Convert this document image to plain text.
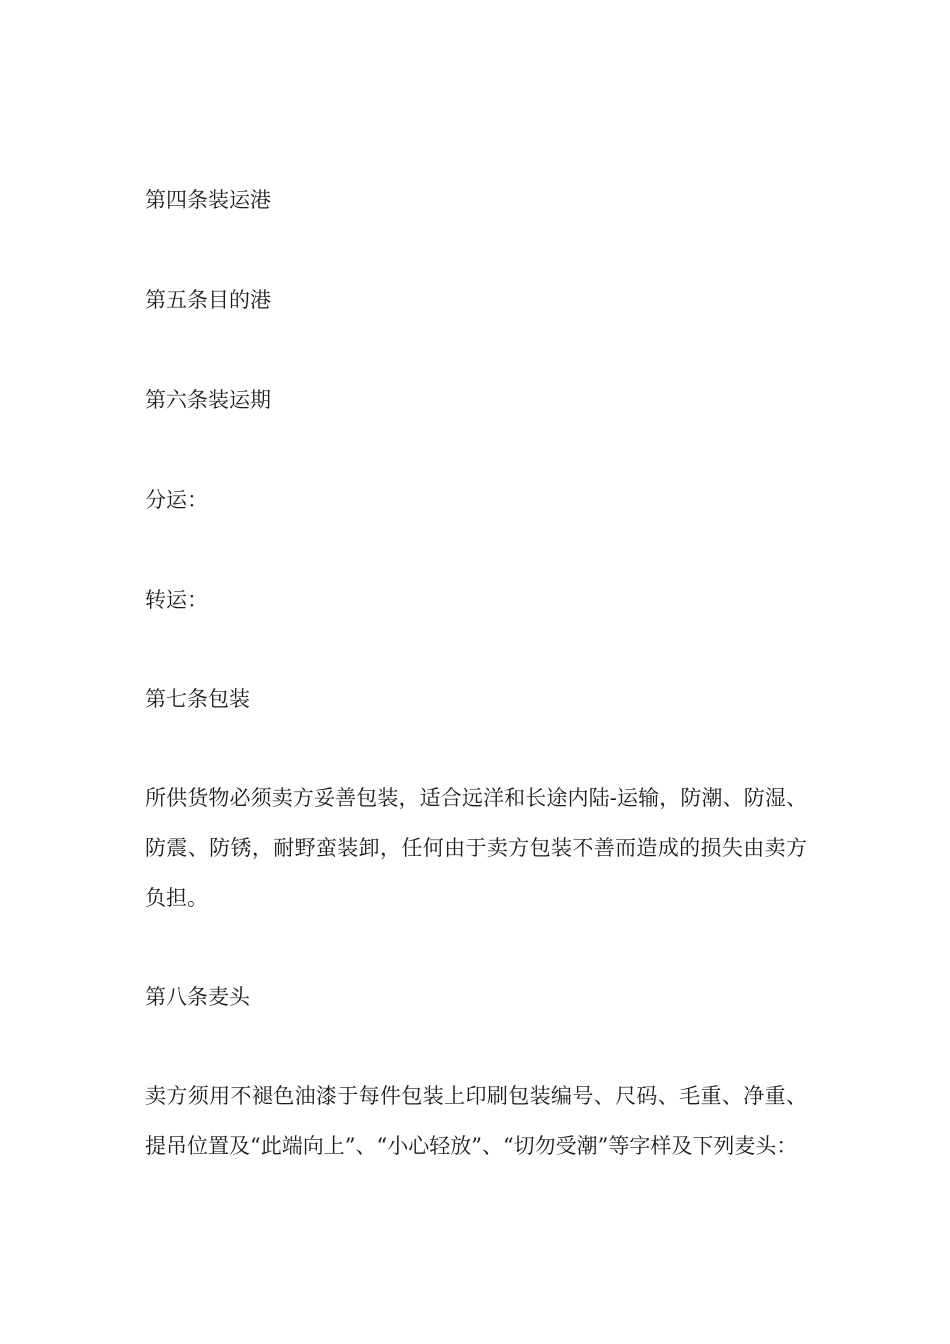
第四条装运港

第五条目的港

第六条装运期

分运：

转运：

第七条包装

所供货物必须卖方妥善包装，适合远洋和长途内陆-运输，防潮、防湿、防震、防锈，耐野蛮装卸，任何由于卖方包装不善而造成的损失由卖方负担。

第八条麦头

卖方须用不褪色油漆于每件包装上印刷包装编号、尺码、毛重、净重、提吊位置及“此端向上”、“小心轻放”、“切勿受潮”等字样及下列麦头：
